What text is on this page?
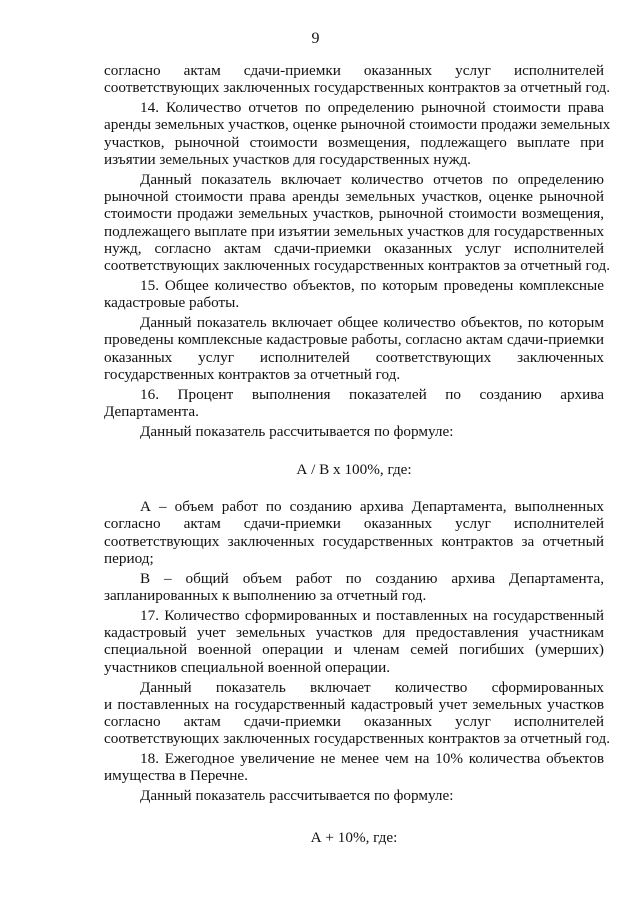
9
согласно актам сдачи-приемки оказанных услуг исполнителей
соответствующих заключенных государственных контрактов за отчетный год.
14. Количество отчетов по определению рыночной стоимости права
аренды земельных участков, оценке рыночной стоимости продажи земельных
участков, рыночной стоимости возмещения, подлежащего выплате при
изъятии земельных участков для государственных нужд.
Данный показатель включает количество отчетов по определению
рыночной стоимости права аренды земельных участков, оценке рыночной
стоимости продажи земельных участков, рыночной стоимости возмещения,
подлежащего выплате при изъятии земельных участков для государственных
нужд, согласно актам сдачи-приемки оказанных услуг исполнителей
соответствующих заключенных государственных контрактов за отчетный год.
15. Общее количество объектов, по которым проведены комплексные
кадастровые работы.
Данный показатель включает общее количество объектов, по которым
проведены комплексные кадастровые работы, согласно актам сдачи-приемки
оказанных услуг исполнителей соответствующих заключенных
государственных контрактов за отчетный год.
16. Процент выполнения показателей по созданию архива
Департамента.
Данный показатель рассчитывается по формуле:
А / В х 100%, где:
А – объем работ по созданию архива Департамента, выполненных
согласно актам сдачи-приемки оказанных услуг исполнителей
соответствующих заключенных государственных контрактов за отчетный
период;
В – общий объем работ по созданию архива Департамента,
запланированных к выполнению за отчетный год.
17. Количество сформированных и поставленных на государственный
кадастровый учет земельных участков для предоставления участникам
специальной военной операции и членам семей погибших (умерших)
участников специальной военной операции.
Данный показатель включает количество сформированных
и поставленных на государственный кадастровый учет земельных участков
согласно актам сдачи-приемки оказанных услуг исполнителей
соответствующих заключенных государственных контрактов за отчетный год.
18. Ежегодное увеличение не менее чем на 10% количества объектов
имущества в Перечне.
Данный показатель рассчитывается по формуле:
А + 10%, где:
